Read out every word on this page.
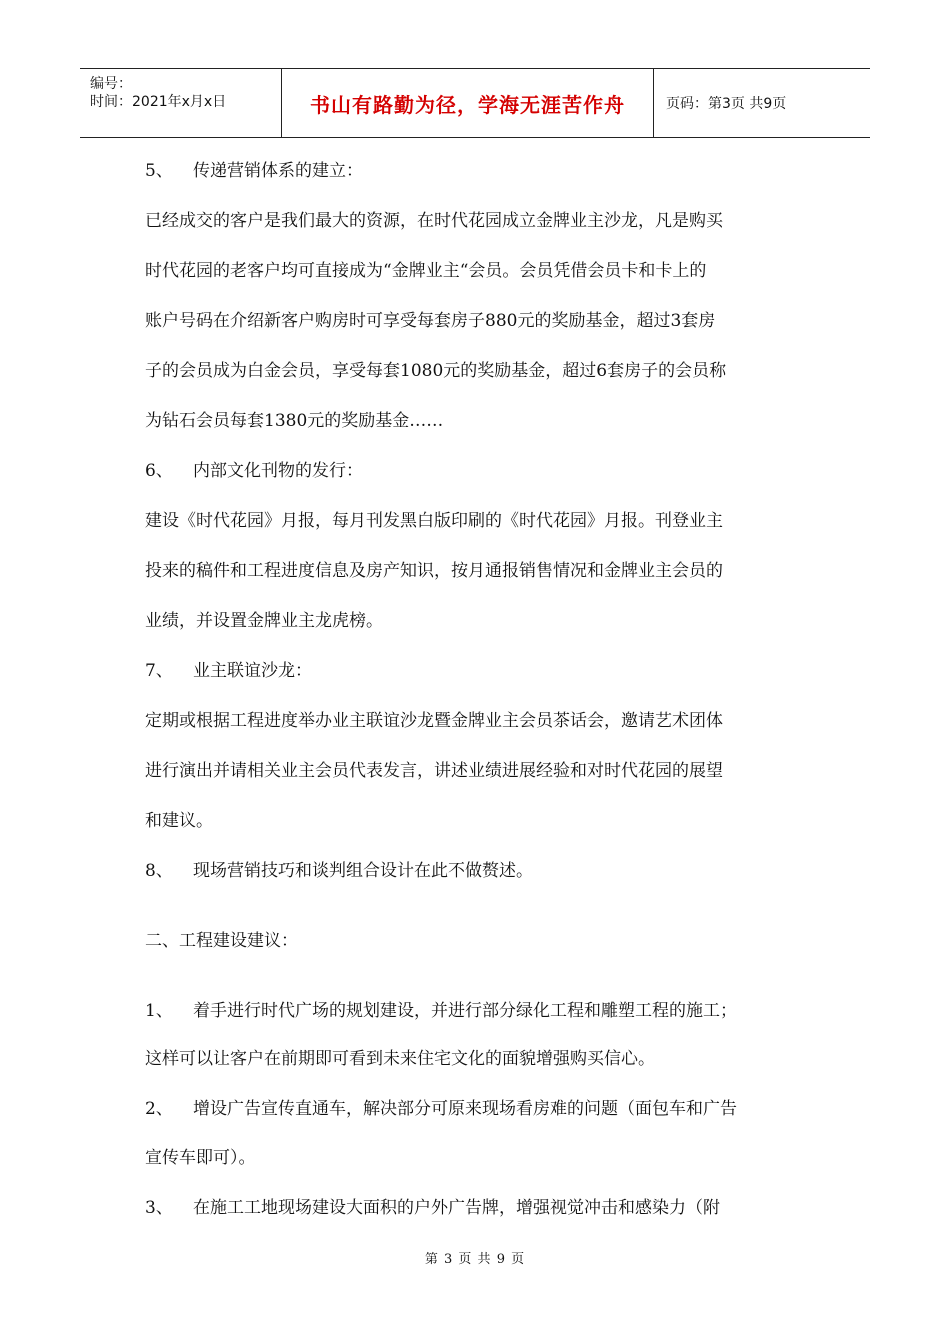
编号：
时间：2021年x月x日	书山有路勤为径，学海无涯苦作舟	页码：第3页 共9页
5、 传递营销体系的建立：
已经成交的客户是我们最大的资源，在时代花园成立金牌业主沙龙，凡是购买
时代花园的老客户均可直接成为“金牌业主“会员。会员凭借会员卡和卡上的
账户号码在介绍新客户购房时可享受每套房子880元的奖励基金，超过3套房
子的会员成为白金会员，享受每套1080元的奖励基金，超过6套房子的会员称
为钻石会员每套1380元的奖励基金……
6、 内部文化刊物的发行：
建设《时代花园》月报，每月刊发黑白版印刷的《时代花园》月报。刊登业主
投来的稿件和工程进度信息及房产知识，按月通报销售情况和金牌业主会员的
业绩，并设置金牌业主龙虎榜。
7、 业主联谊沙龙：
定期或根据工程进度举办业主联谊沙龙暨金牌业主会员茶话会，邀请艺术团体
进行演出并请相关业主会员代表发言，讲述业绩进展经验和对时代花园的展望
和建议。
8、 现场营销技巧和谈判组合设计在此不做赘述。
二、工程建设建议：
1、 着手进行时代广场的规划建设，并进行部分绿化工程和雕塑工程的施工；
这样可以让客户在前期即可看到未来住宅文化的面貌增强购买信心。
2、 增设广告宣传直通车，解决部分可原来现场看房难的问题（面包车和广告
宣传车即可）。
3、 在施工工地现场建设大面积的户外广告牌，增强视觉冲击和感染力（附
第 3 页 共 9 页
